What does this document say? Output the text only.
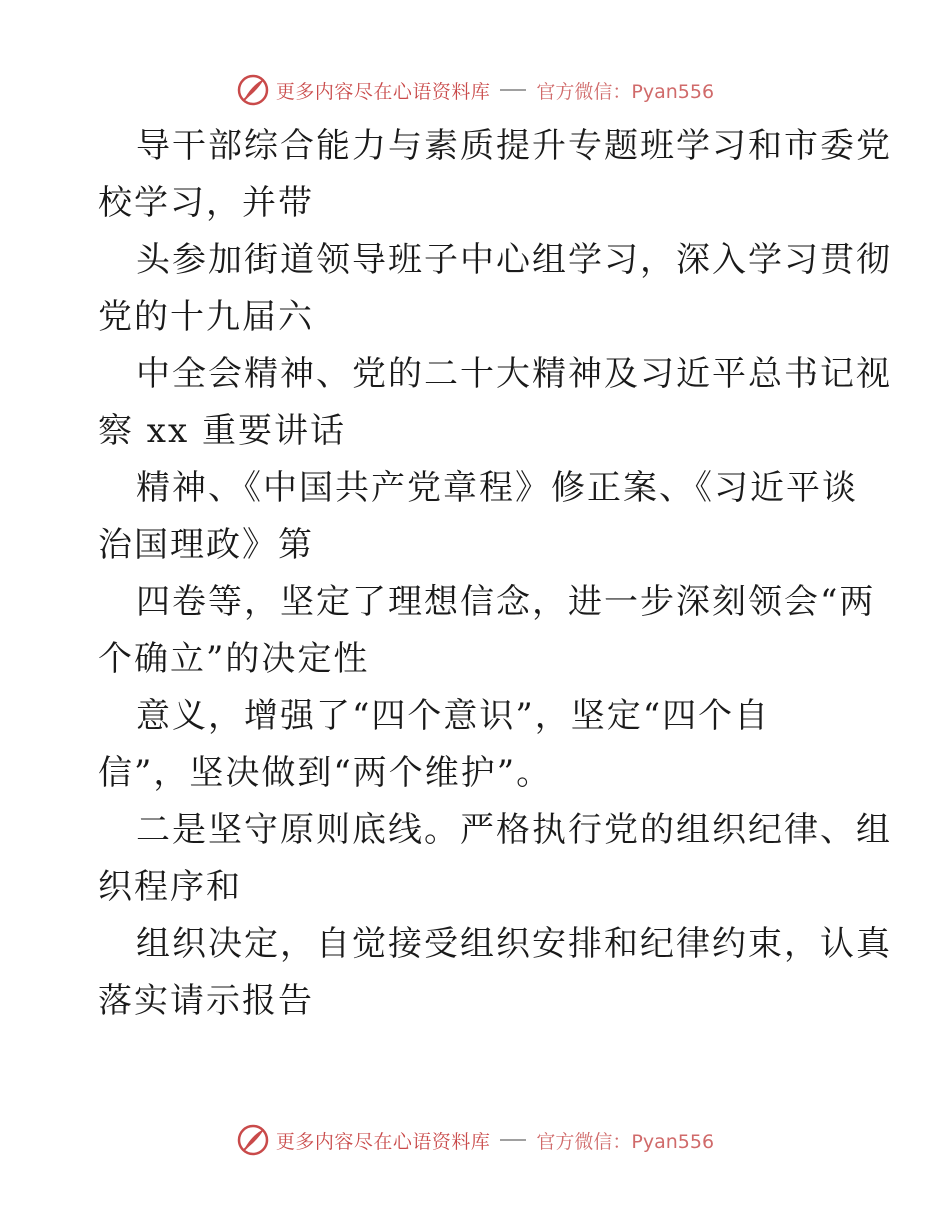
更多内容尽在心语资料库 官方微信：Pyan556
导干部综合能力与素质提升专题班学习和市委党
校学习，并带
头参加街道领导班子中心组学习，深入学习贯彻
党的十九届六
中全会精神、党的二十大精神及习近平总书记视
察 xx 重要讲话
精神、《中国共产党章程》修正案、《习近平谈
治国理政》第
四卷等，坚定了理想信念，进一步深刻领会“两
个确立”的决定性
意义，增强了“四个意识”，坚定“四个自
信”，坚决做到“两个维护”。
二是坚守原则底线。严格执行党的组织纪律、组
织程序和
组织决定，自觉接受组织安排和纪律约束，认真
落实请示报告
更多内容尽在心语资料库 官方微信：Pyan556
